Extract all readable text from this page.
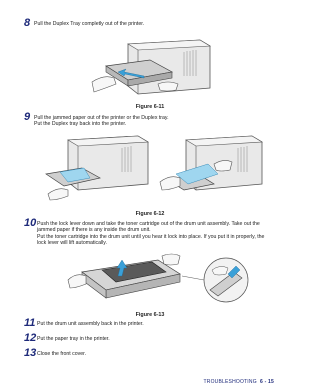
8 Pull the Duplex Tray completly out of the printer.

Figure 6-11
9 Pull the jammed paper out of the printer or the Duplex tray.

Put the Duplex tray back into the printer.

Figure 6-12
10 Push the lock lever down and take the toner cartridge out of the drum unit assembly. Take out the

jammed paper if there is any inside the drum unit.

Put the toner cartridge into the drum unit until you hear it lock into place. If you put it in properly, the

lock lever will lift automatically.

Figure 6-13
11 Put the drum unit assembly back in the printer.

12 Put the paper tray in the printer.

13 Close the front cover.

TROUBLESHOOTING 6 - 15
